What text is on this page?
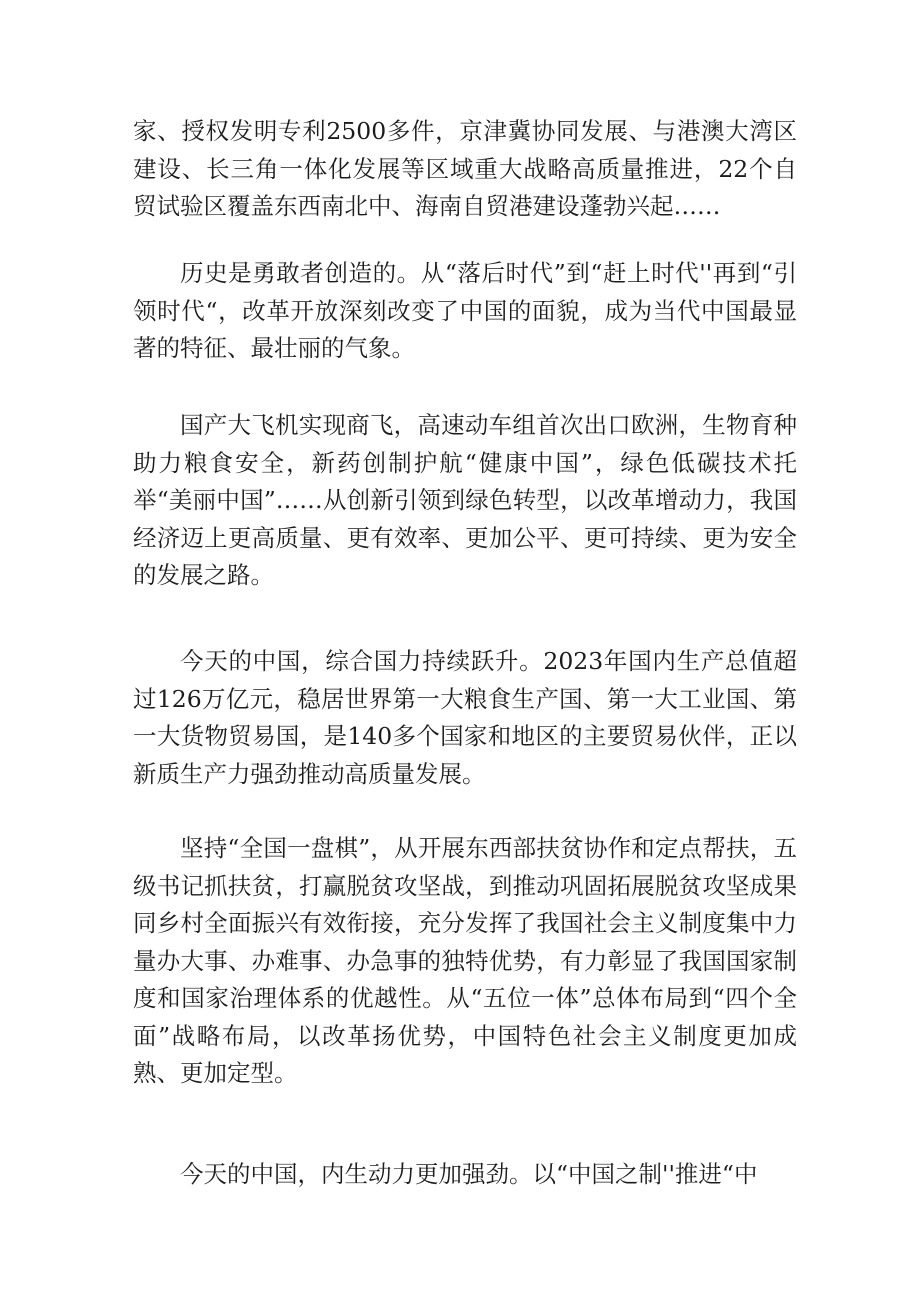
家、授权发明专利2500多件，京津冀协同发展、与港澳大湾区建设、长三角一体化发展等区域重大战略高质量推进，22个自贸试验区覆盖东西南北中、海南自贸港建设蓬勃兴起……

历史是勇敢者创造的。从“落后时代”到“赶上时代''再到“引领时代“，改革开放深刻改变了中国的面貌，成为当代中国最显著的特征、最壮丽的气象。

国产大飞机实现商飞，高速动车组首次出口欧洲，生物育种助力粮食安全，新药创制护航“健康中国”，绿色低碳技术托举“美丽中国”……从创新引领到绿色转型，以改革增动力，我国经济迈上更高质量、更有效率、更加公平、更可持续、更为安全的发展之路。

今天的中国，综合国力持续跃升。2023年国内生产总值超过126万亿元，稳居世界第一大粮食生产国、第一大工业国、第一大货物贸易国，是140多个国家和地区的主要贸易伙伴，正以新质生产力强劲推动高质量发展。

坚持“全国一盘棋”，从开展东西部扶贫协作和定点帮扶，五级书记抓扶贫，打赢脱贫攻坚战，到推动巩固拓展脱贫攻坚成果同乡村全面振兴有效衔接，充分发挥了我国社会主义制度集中力量办大事、办难事、办急事的独特优势，有力彰显了我国国家制度和国家治理体系的优越性。从“五位一体”总体布局到“四个全面”战略布局，以改革扬优势，中国特色社会主义制度更加成熟、更加定型。

今天的中国，内生动力更加强劲。以“中国之制''推进“中
